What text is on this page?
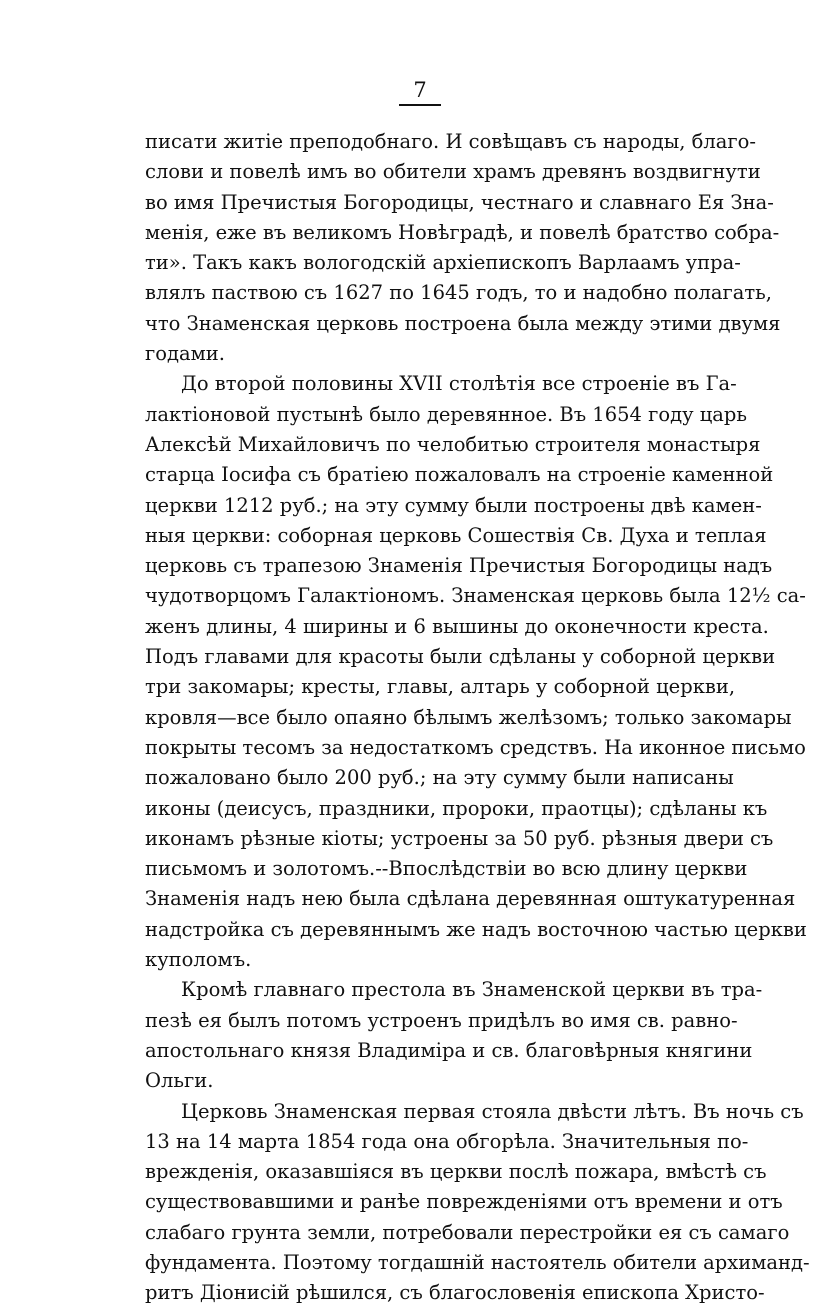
7
писати житіе преподобнаго. И совѣщавъ съ народы, благо-
слови и повелѣ имъ во обители храмъ древянъ воздвигнути
во имя Пречистыя Богородицы, честнаго и славнаго Ея Зна-
менія, еже въ великомъ Новѣградѣ, и повелѣ братство собра-
ти». Такъ какъ вологодскій архіепископъ Варлаамъ упра-
влялъ паствою съ 1627 по 1645 годъ, то и надобно полагать,
что Знаменская церковь построена была между этими двумя
годами.
До второй половины XVII столѣтія все строеніе въ Га-
лактіоновой пустынѣ было деревянное. Въ 1654 году царь
Алексѣй Михайловичъ по челобитью строителя монастыря
старца Іосифа съ братіею пожаловалъ на строеніе каменной
церкви 1212 руб.; на эту сумму были построены двѣ камен-
ныя церкви: соборная церковь Сошествія Св. Духа и теплая
церковь съ трапезою Знаменія Пречистыя Богородицы надъ
чудотворцомъ Галактіономъ. Знаменская церковь была 12½ са-
женъ длины, 4 ширины и 6 вышины до оконечности креста.
Подъ главами для красоты были сдѣланы у соборной церкви
три закомары; кресты, главы, алтарь у соборной церкви,
кровля—все было опаяно бѣлымъ желѣзомъ; только закомары
покрыты тесомъ за недостаткомъ средствъ. На иконное письмо
пожаловано было 200 руб.; на эту сумму были написаны
иконы (деисусъ, праздники, пророки, праотцы); сдѣланы къ
иконамъ рѣзные кіоты; устроены за 50 руб. рѣзныя двери съ
письмомъ и золотомъ.--Впослѣдствіи во всю длину церкви
Знаменія надъ нею была сдѣлана деревянная оштукатуренная
надстройка съ деревяннымъ же надъ восточною частью церкви
куполомъ.
Кромѣ главнаго престола въ Знаменской церкви въ тра-
пезѣ ея былъ потомъ устроенъ придѣлъ во имя св. равно-
апостольнаго князя Владиміра и св. благовѣрныя княгини
Ольги.
Церковь Знаменская первая стояла двѣсти лѣтъ. Въ ночь съ
13 на 14 марта 1854 года она обгорѣла. Значительныя по-
врежденія, оказавшіяся въ церкви послѣ пожара, вмѣстѣ съ
существовавшими и ранѣе поврежденіями отъ времени и отъ
слабаго грунта земли, потребовали перестройки ея съ самаго
фундамента. Поэтому тогдашній настоятель обители архиманд-
ритъ Діонисій рѣшился, съ благословенія епископа Христо-
